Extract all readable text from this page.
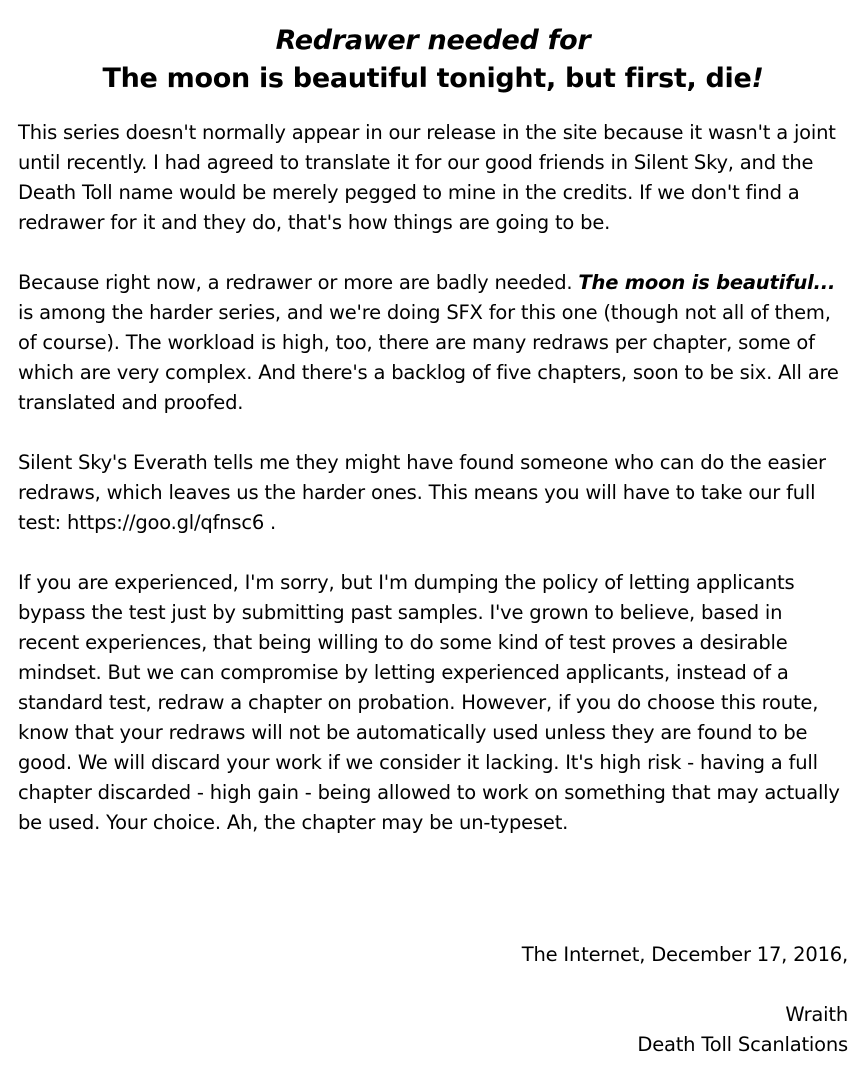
Redrawer needed for
The moon is beautiful tonight, but first, die!

This series doesn't normally appear in our release in the site because it wasn't a joint until recently. I had agreed to translate it for our good friends in Silent Sky, and the Death Toll name would be merely pegged to mine in the credits. If we don't find a redrawer for it and they do, that's how things are going to be.

Because right now, a redrawer or more are badly needed. The moon is beautiful... is among the harder series, and we're doing SFX for this one (though not all of them, of course). The workload is high, too, there are many redraws per chapter, some of which are very complex. And there's a backlog of five chapters, soon to be six. All are translated and proofed.

Silent Sky's Everath tells me they might have found someone who can do the easier redraws, which leaves us the harder ones. This means you will have to take our full test: https://goo.gl/qfnsc6 .

If you are experienced, I'm sorry, but I'm dumping the policy of letting applicants bypass the test just by submitting past samples. I've grown to believe, based in recent experiences, that being willing to do some kind of test proves a desirable mindset. But we can compromise by letting experienced applicants, instead of a standard test, redraw a chapter on probation. However, if you do choose this route, know that your redraws will not be automatically used unless they are found to be good. We will discard your work if we consider it lacking. It's high risk - having a full chapter discarded - high gain - being allowed to work on something that may actually be used. Your choice. Ah, the chapter may be un-typeset.

The Internet, December 17, 2016,
Wraith
Death Toll Scanlations
